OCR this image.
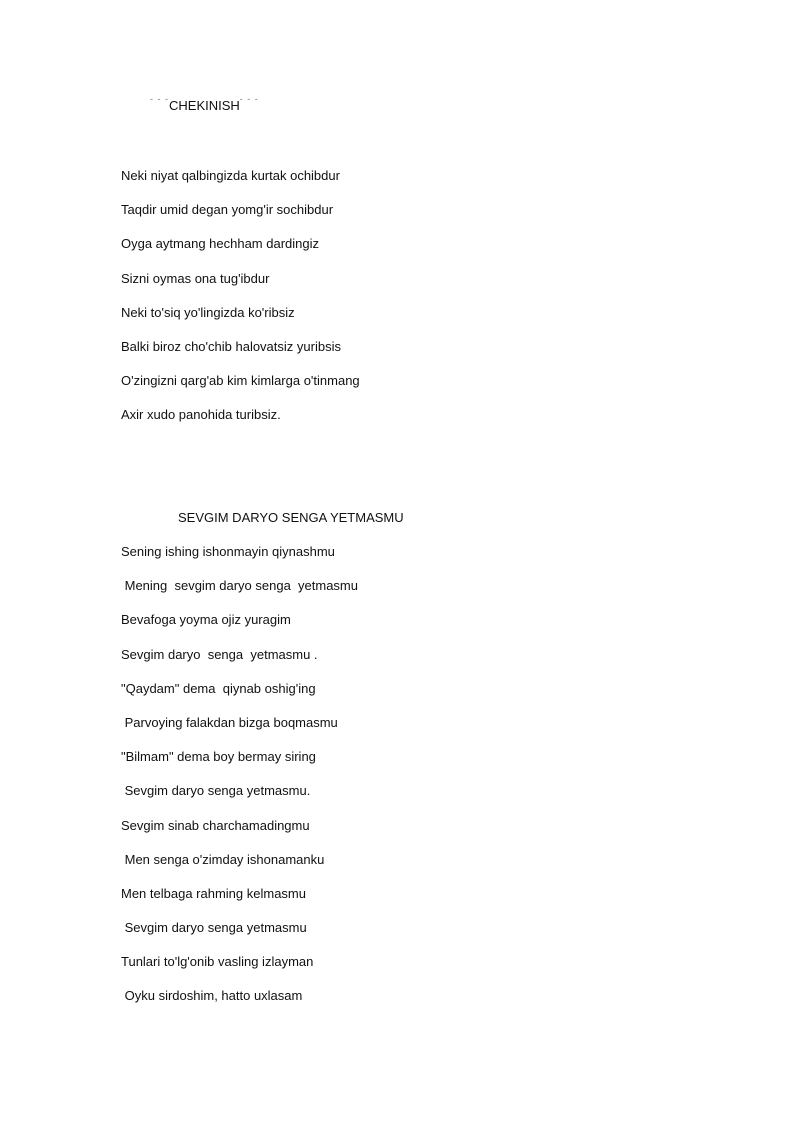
- - -CHEKINISH- - -
Neki niyat qalbingizda kurtak ochibdur
Taqdir umid degan yomg'ir sochibdur
Oyga aytmang hechham dardingiz
Sizni oymas ona tug'ibdur
Neki to'siq yo'lingizda ko'ribsiz
Balki biroz cho'chib halovatsiz yuribsis
O'zingizni qarg'ab kim kimlarga o'tinmang
Axir xudo panohida turibsiz.
SEVGIM DARYO SENGA YETMASMU
Sening ishing ishonmayin qiynashmu
Mening  sevgim daryo senga  yetmasmu
Bevafoga yoyma ojiz yuragim
Sevgim daryo  senga  yetmasmu .
"Qaydam" dema  qiynab oshig'ing
Parvoying falakdan bizga boqmasmu
"Bilmam" dema boy bermay siring
Sevgim daryo senga yetmasmu.
Sevgim sinab charchamadingmu
Men senga o'zimday ishonamanku
Men telbaga rahming kelmasmu
Sevgim daryo senga yetmasmu
Tunlari to'lg'onib vasling izlayman
Oyku sirdoshim, hatto uxlasam
